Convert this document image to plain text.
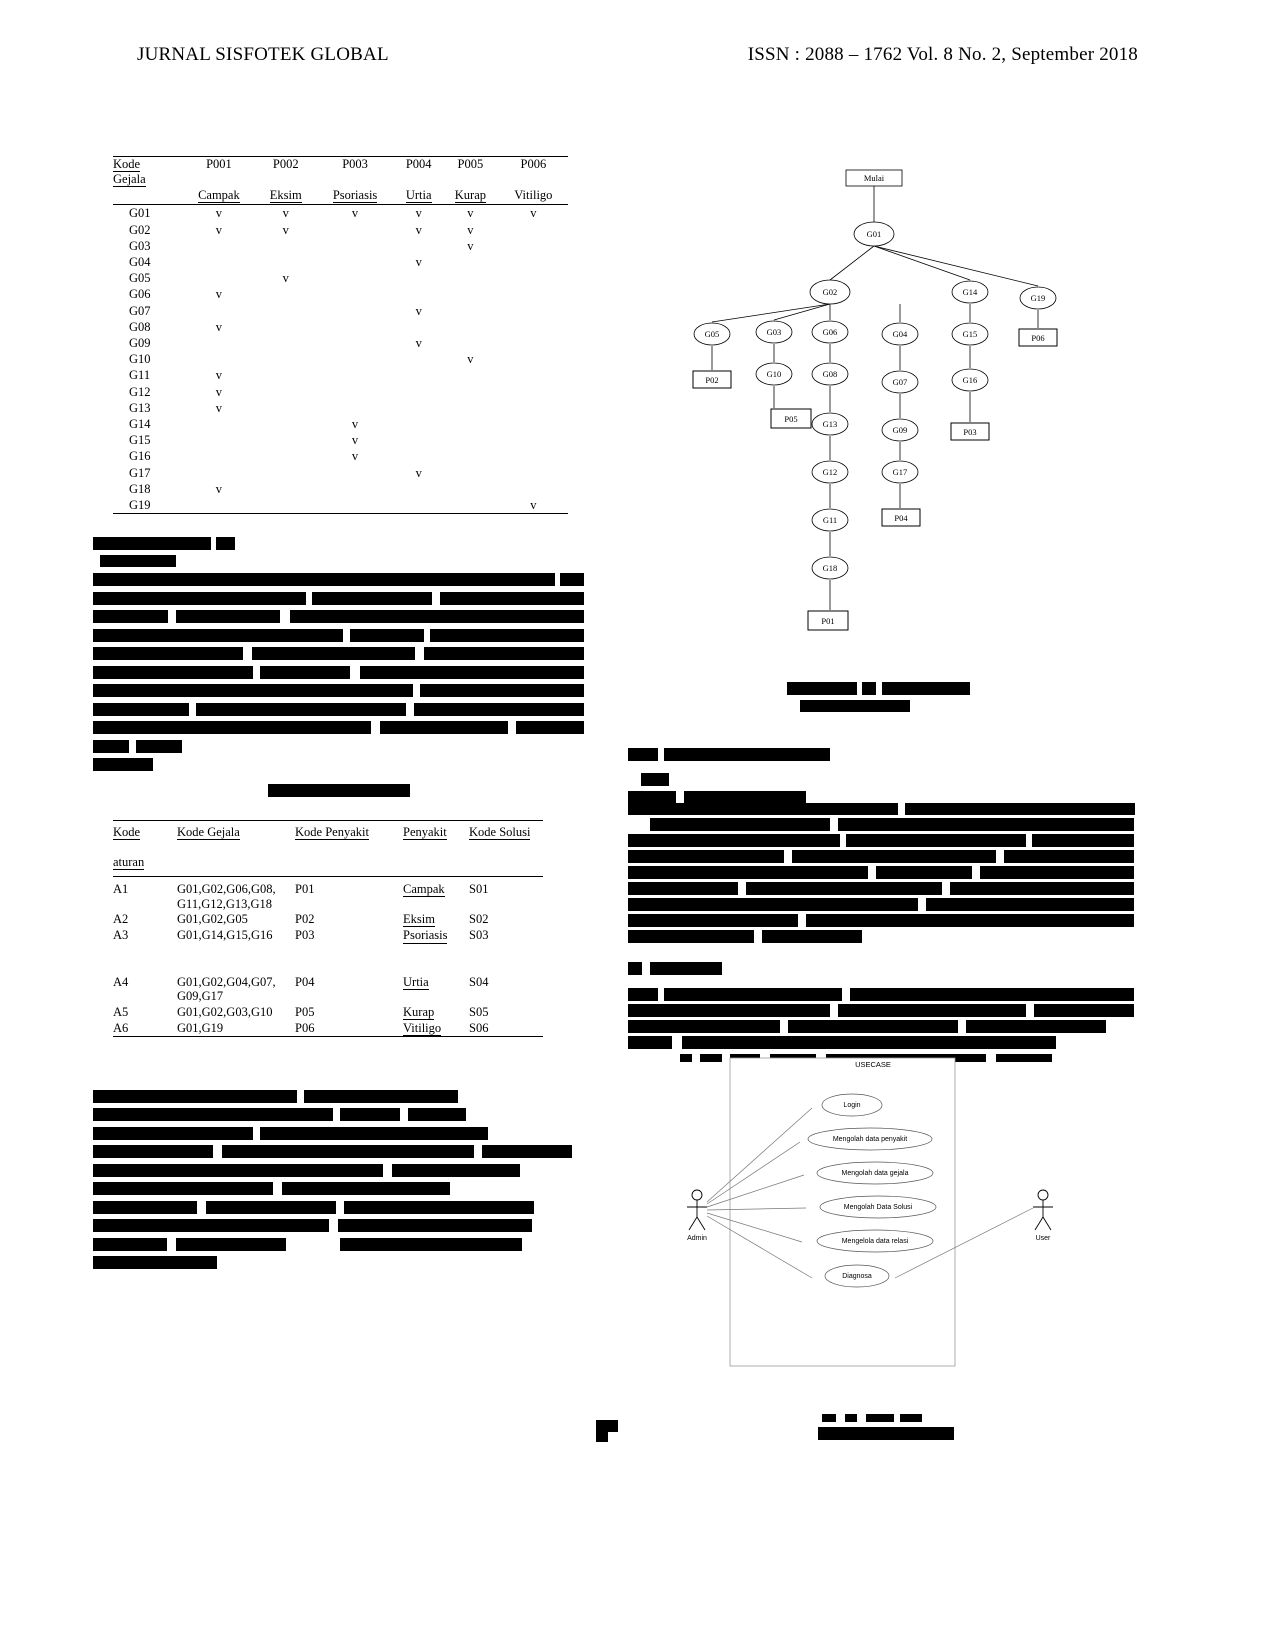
JURNAL SISFOTEK GLOBAL	ISSN : 2088 – 1762 Vol. 8 No. 2, September 2018
Kode
Gejala	P001	P002	P003	P004	P005	P006
	Campak	Eksim	Psoriasis	Urtia	Kurap	Vitiligo
G01	v	v	v	v	v	v
G02	v	v		v	v	
G03					v	
G04				v		
G05		v				
G06	v					
G07				v		
G08	v					
G09				v		
G10					v	
G11	v					
G12	v					
G13	v					
G14			v			
G15			v			
G16			v			
G17				v		
G18	v					
G19						v
Kode	Kode Gejala	Kode Penyakit	Penyakit	Kode Solusi
aturan				
A1	G01,G02,G06,G08,
G11,G12,G13,G18	P01	Campak	S01
A2	G01,G02,G05	P02	Eksim	S02
A3	G01,G14,G15,G16	P03	Psoriasis	S03

A4	G01,G02,G04,G07,
G09,G17	P04	Urtia	S04
A5	G01,G02,G03,G10	P05	Kurap	S05
A6	G01,G19	P06	Vitiligo	S06
Mulai
G01
G02	G14
G19
G05	G03	G06	G04	G15
G16
G10	G08
G07
G13
G09
G12
G11
G17
G18
P02
P05
P01
P04
P03
P06
USECASE
Admin	User
Login
Mengolah data penyakit
Mengolah data gejala
Mengolah Data Solusi
Mengelola data relasi
Diagnosa
